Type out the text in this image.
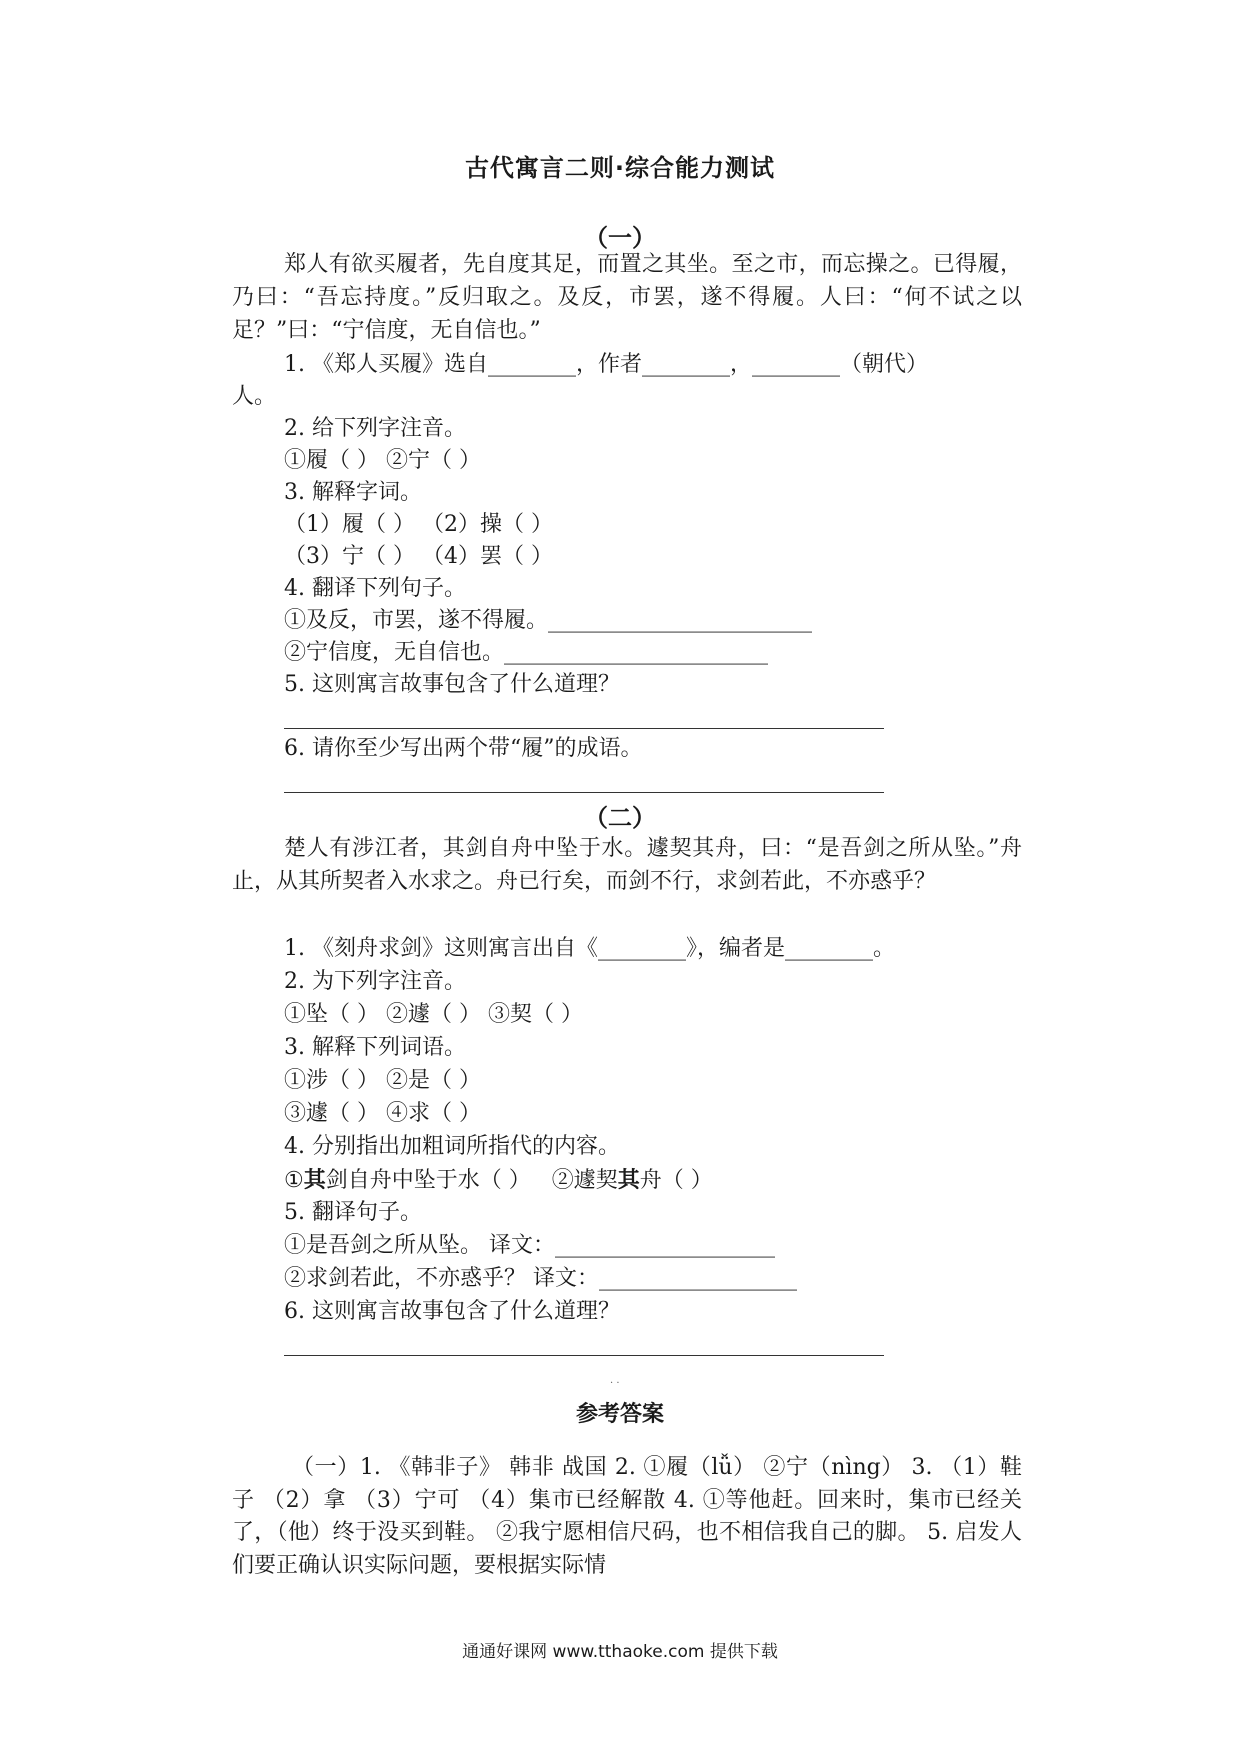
古代寓言二则·综合能力测试
（一）
郑人有欲买履者，先自度其足，而置之其坐。至之市，而忘操之。已得履，乃曰：“吾忘持度。”反归取之。及反，市罢，遂不得履。人曰：“何不试之以足？”曰：“宁信度，无自信也。”
1. 《郑人买履》选自________，作者________，________（朝代）
人。
2. 给下列字注音。
①履（ ） ②宁（ ）
3. 解释字词。
（1）履（ ） （2）操（ ）
（3）宁（ ） （4）罢（ ）
4. 翻译下列句子。
①及反，市罢，遂不得履。________________________
②宁信度，无自信也。________________________
5. 这则寓言故事包含了什么道理？
6. 请你至少写出两个带“履”的成语。
（二）
楚人有涉江者，其剑自舟中坠于水。遽契其舟，曰：“是吾剑之所从坠。”舟止，从其所契者入水求之。舟已行矣，而剑不行，求剑若此，不亦惑乎？
1. 《刻舟求剑》这则寓言出自《________》，编者是________。
2. 为下列字注音。
①坠（ ） ②遽（ ） ③契（ ）
3. 解释下列词语。
①涉（ ） ②是（ ）
③遽（ ） ④求（ ）
4. 分别指出加粗词所指代的内容。
①其剑自舟中坠于水（ ） ②遽契其舟（ ）
5. 翻译句子。
①是吾剑之所从坠。 译文：____________________
②求剑若此，不亦惑乎？ 译文：__________________
6. 这则寓言故事包含了什么道理？
· ·
参考答案
（一）1. 《韩非子》 韩非 战国 2. ①履（lǚ） ②宁（nìng） 3. （1）鞋子 （2）拿 （3）宁可 （4）集市已经解散 4. ①等他赶。回来时，集市已经关了，（他）终于没买到鞋。 ②我宁愿相信尺码，也不相信我自己的脚。 5. 启发人们要正确认识实际问题，要根据实际情
通通好课网 www.tthaoke.com 提供下载
